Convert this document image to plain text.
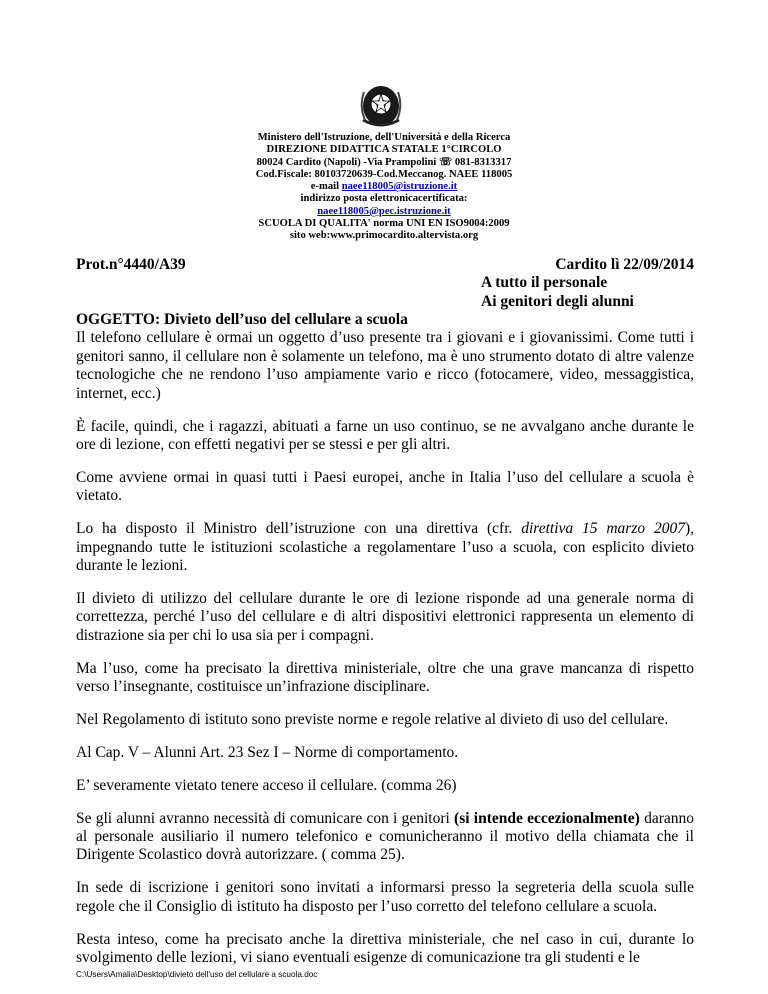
Ministero dell'Istruzione, dell'Università e della Ricerca
DIREZIONE DIDATTICA STATALE 1°CIRCOLO
80024 Cardito (Napoli) -Via Prampolini ☏ 081-8313317
Cod.Fiscale: 80103720639-Cod.Meccanog. NAEE 118005
e-mail naee118005@istruzione.it
indirizzo posta elettronicacertificata:
naee118005@pec.istruzione.it
SCUOLA DI QUALITA' norma UNI EN ISO9004:2009
sito web:www.primocardito.altervista.org
Prot.n°4440/A39	Cardito lì 22/09/2014
A tutto il personale
Ai genitori degli alunni

OGGETTO: Divieto dell’uso del cellulare a scuola

Il telefono cellulare è ormai un oggetto d’uso presente tra i giovani e i giovanissimi. Come tutti i genitori sanno, il cellulare non è solamente un telefono, ma è uno strumento dotato di altre valenze tecnologiche che ne rendono l’uso ampiamente vario e ricco (fotocamere, video, messaggistica, internet, ecc.)

È facile, quindi, che i ragazzi, abituati a farne un uso continuo, se ne avvalgano anche durante le ore di lezione, con effetti negativi per se stessi e per gli altri.

Come avviene ormai in quasi tutti i Paesi europei, anche in Italia l’uso del cellulare a scuola è vietato.

Lo ha disposto il Ministro dell’istruzione con una direttiva (cfr. direttiva 15 marzo 2007), impegnando tutte le istituzioni scolastiche a regolamentare l’uso a scuola, con esplicito divieto durante le lezioni.

Il divieto di utilizzo del cellulare durante le ore di lezione risponde ad una generale norma di correttezza, perché l’uso del cellulare e di altri dispositivi elettronici rappresenta un elemento di distrazione sia per chi lo usa sia per i compagni.

Ma l’uso, come ha precisato la direttiva ministeriale, oltre che una grave mancanza di rispetto verso l’insegnante, costituisce un’infrazione disciplinare.

Nel Regolamento di istituto sono previste norme e regole relative al divieto di uso del cellulare.

Al Cap. V – Alunni Art. 23 Sez I – Norme di comportamento.

E’ severamente vietato tenere acceso il cellulare. (comma 26)

Se gli alunni avranno necessità di comunicare con i genitori (si intende eccezionalmente) daranno al personale ausiliario il numero telefonico e comunicheranno il motivo della chiamata che il Dirigente Scolastico dovrà autorizzare. ( comma 25).

In sede di iscrizione i genitori sono invitati a informarsi presso la segreteria della scuola sulle regole che il Consiglio di istituto ha disposto per l’uso corretto del telefono cellulare a scuola.

Resta inteso, come ha precisato anche la direttiva ministeriale, che nel caso in cui, durante lo svolgimento delle lezioni, vi siano eventuali esigenze di comunicazione tra gli studenti e le

C:\Users\Amalia\Desktop\divieto dell'uso del cellulare a scuola.doc
